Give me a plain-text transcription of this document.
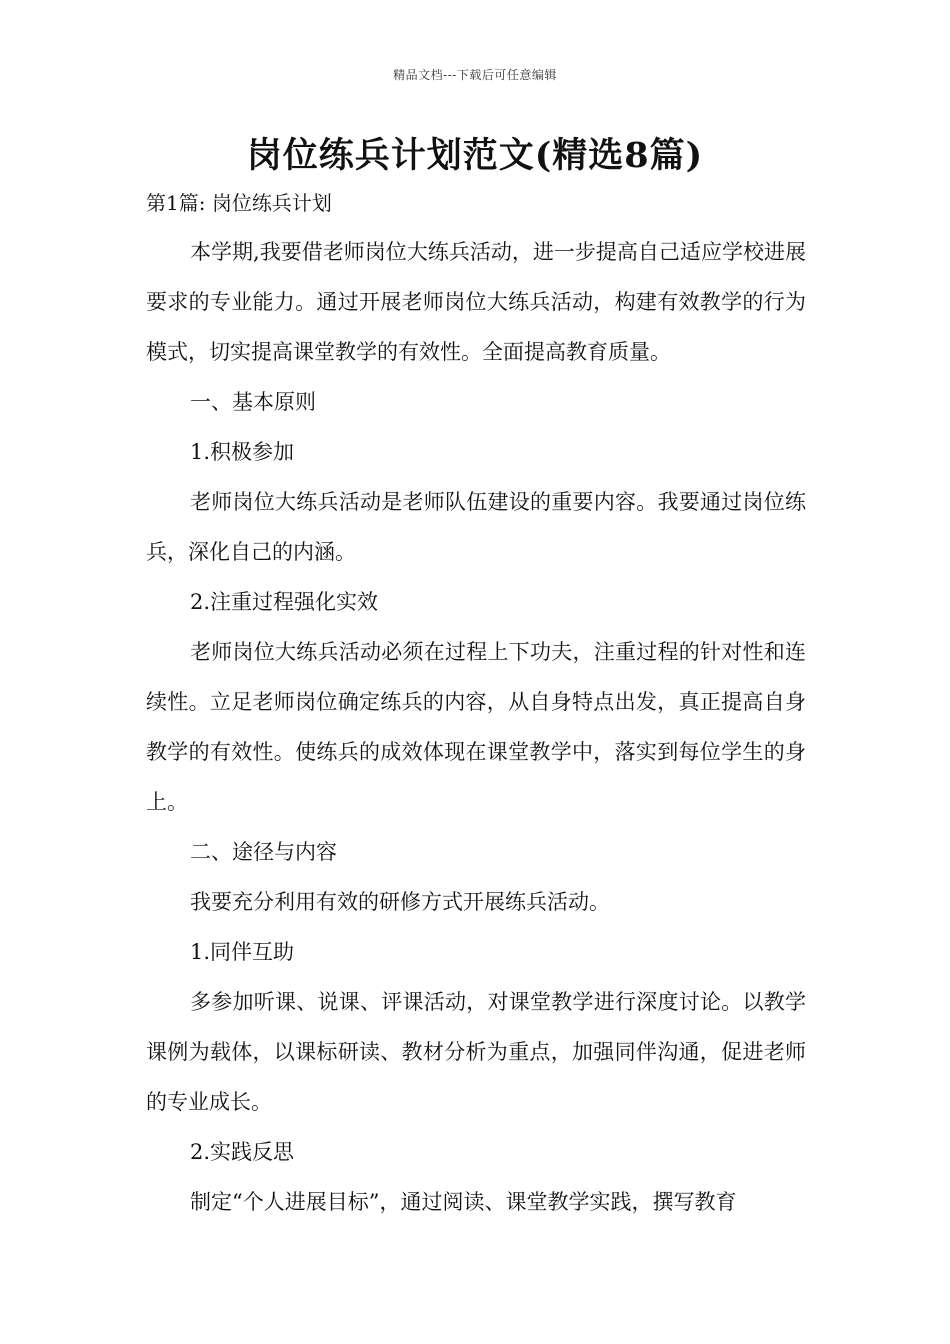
精品文档---下载后可任意编辑
岗位练兵计划范文(精选8篇)
第1篇: 岗位练兵计划

本学期,我要借老师岗位大练兵活动，进一步提高自己适应学校进展要求的专业能力。通过开展老师岗位大练兵活动，构建有效教学的行为模式，切实提高课堂教学的有效性。全面提高教育质量。

一、基本原则

1.积极参加

老师岗位大练兵活动是老师队伍建设的重要内容。我要通过岗位练兵，深化自己的内涵。

2.注重过程强化实效

老师岗位大练兵活动必须在过程上下功夫，注重过程的针对性和连续性。立足老师岗位确定练兵的内容，从自身特点出发，真正提高自身教学的有效性。使练兵的成效体现在课堂教学中，落实到每位学生的身上。

二、途径与内容

我要充分利用有效的研修方式开展练兵活动。

1.同伴互助

多参加听课、说课、评课活动，对课堂教学进行深度讨论。以教学课例为载体，以课标研读、教材分析为重点，加强同伴沟通，促进老师的专业成长。

2.实践反思

制定“个人进展目标”，通过阅读、课堂教学实践，撰写教育
